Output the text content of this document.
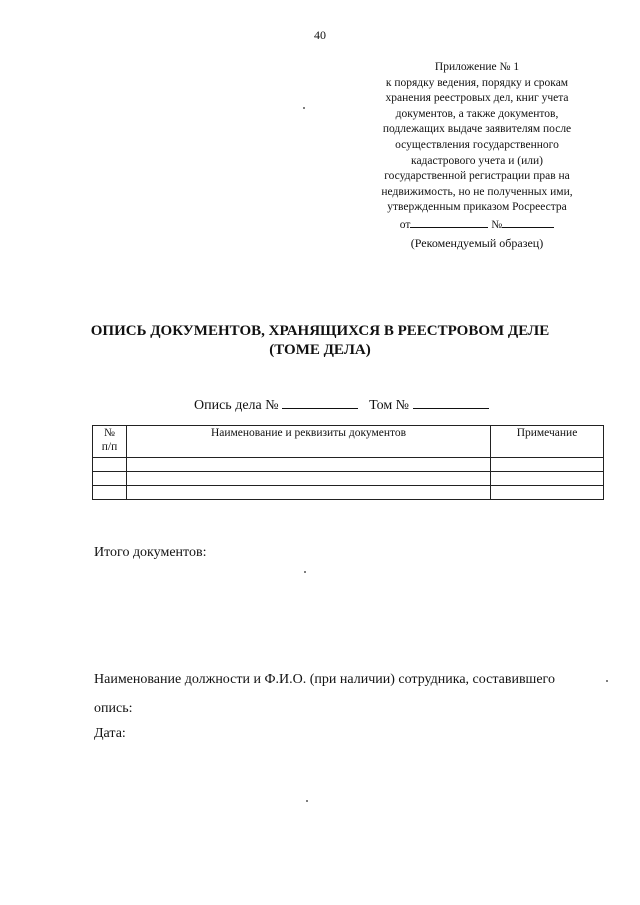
40
Приложение № 1
к порядку ведения, порядку и срокам
хранения реестровых дел, книг учета
документов, а также документов,
подлежащих выдаче заявителям после
осуществления государственного
кадастрового учета и (или)
государственной регистрации прав на
недвижимость, но не полученных ими,
утвержденным приказом Росреестра
от	№
(Рекомендуемый образец)
ОПИСЬ ДОКУМЕНТОВ, ХРАНЯЩИХСЯ В РЕЕСТРОВОМ ДЕЛЕ
(ТОМЕ ДЕЛА)
Опись дела №	Том №
№
п/п	Наименование и реквизиты документов	Примечание

Итого документов:
Наименование должности и Ф.И.О. (при наличии) сотрудника, составившего
опись:
Дата:
